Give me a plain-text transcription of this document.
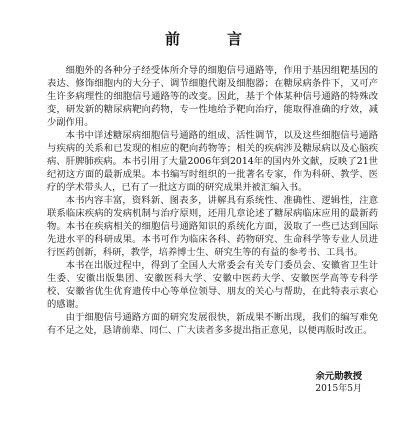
前　言

细胞外的各种分子经受体所介导的细胞信号通路等，作用于基因组靶基因的表达、修饰细胞内的大分子、调节细胞代谢及细胞器；在糖尿病条件下，又可产生许多病理性的细胞信号通路等的改变。因此，基于个体某种信号通路的特殊改变，研发新的糖尿病靶向药物，专一性地给予靶向治疗，能取得准确的疗效，减少副作用。

本书中详述糖尿病细胞信号通路的组成、活性调节，以及这些细胞信号通路与疾病的关系和已发现的相应的靶向药物等；相关的疾病涉及糖尿病以及心脑疾病、肝脾肺疾病。本书引用了大量2006年到2014年的国内外文献，反映了21世纪初这方面的最新成果。本书编写时组织的一批著名专家，作为科研、教学、医疗的学术带头人，已有了一批这方面的研究成果并被汇编入书。

本书内容丰富，资料新、图表多，讲解具有系统性、准确性、逻辑性，注意联系临床疾病的发病机制与治疗原则，还用几章论述了糖尿病临床应用的最新药物。本书在疾病相关的细胞信号通路知识的系统化方面，汲取了一些已达到国际先进水平的科研成果。本书可作为临床各科、药物研究、生命科学等专业人员进行医药创新，科研，教学，培养博士生、研究生等的有益的参考书、工具书。

本书在出版过程中，得到了全国人大常委会有关专门委员会、安徽省卫生计生委、安徽出版集团、安徽医科大学、安徽中医药大学、安徽医学高等专科学校、安徽省优生优育遗传中心等单位领导、朋友的关心与帮助，在此特表示衷心的感谢。

由于细胞信号通路方面的研究发展很快，新成果不断出现，我们的编写难免有不足之处，恳请前辈、同仁、广大读者多多提出指正意见，以便再版时改正。

余元勋教授
2015年5月
